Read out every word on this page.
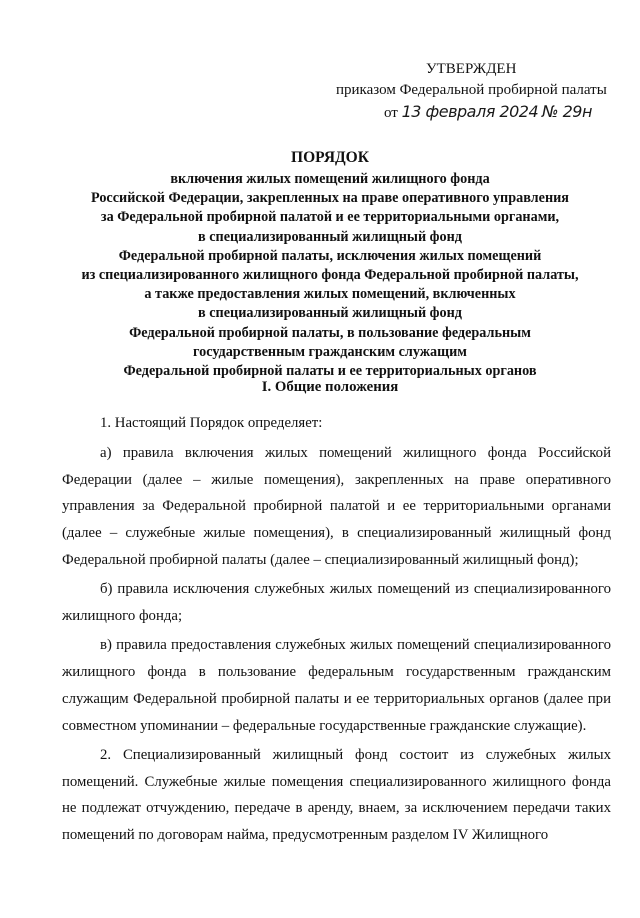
УТВЕРЖДЕН
приказом Федеральной пробирной палаты
от 13 февраля 2024 № 29н
ПОРЯДОК
включения жилых помещений жилищного фонда
Российской Федерации, закрепленных на праве оперативного управления
за Федеральной пробирной палатой и ее территориальными органами,
в специализированный жилищный фонд
Федеральной пробирной палаты, исключения жилых помещений
из специализированного жилищного фонда Федеральной пробирной палаты,
а также предоставления жилых помещений, включенных
в специализированный жилищный фонд
Федеральной пробирной палаты, в пользование федеральным
государственным гражданским служащим
Федеральной пробирной палаты и ее территориальных органов
I. Общие положения

1. Настоящий Порядок определяет:

а) правила включения жилых помещений жилищного фонда Российской Федерации (далее – жилые помещения), закрепленных на праве оперативного управления за Федеральной пробирной палатой и ее территориальными органами (далее – служебные жилые помещения), в специализированный жилищный фонд Федеральной пробирной палаты (далее – специализированный жилищный фонд);

б) правила исключения служебных жилых помещений из специализированного жилищного фонда;

в) правила предоставления служебных жилых помещений специализированного жилищного фонда в пользование федеральным государственным гражданским служащим Федеральной пробирной палаты и ее территориальных органов (далее при совместном упоминании – федеральные государственные гражданские служащие).

2. Специализированный жилищный фонд состоит из служебных жилых помещений. Служебные жилые помещения специализированного жилищного фонда не подлежат отчуждению, передаче в аренду, внаем, за исключением передачи таких помещений по договорам найма, предусмотренным разделом IV Жилищного
